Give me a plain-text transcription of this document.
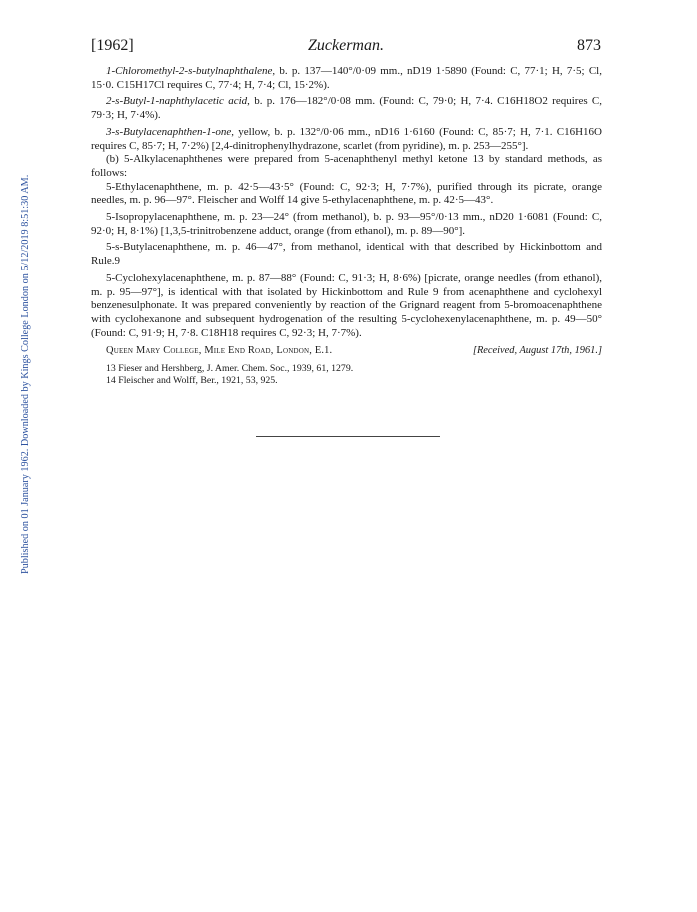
Published on 01 January 1962. Downloaded by Kings College London on 5/12/2019 8:51:30 AM.
[1962]	Zuckerman.	873

1-Chloromethyl-2-s-butylnaphthalene, b. p. 137—140°/0·09 mm., nD19 1·5890 (Found: C, 77·1; H, 7·5; Cl, 15·0. C15H17Cl requires C, 77·4; H, 7·4; Cl, 15·2%).

2-s-Butyl-1-naphthylacetic acid, b. p. 176—182°/0·08 mm. (Found: C, 79·0; H, 7·4. C16H18O2 requires C, 79·3; H, 7·4%).

3-s-Butylacenaphthen-1-one, yellow, b. p. 132°/0·06 mm., nD16 1·6160 (Found: C, 85·7; H, 7·1. C16H16O requires C, 85·7; H, 7·2%) [2,4-dinitrophenylhydrazone, scarlet (from pyridine), m. p. 253—255°].

(b) 5-Alkylacenaphthenes were prepared from 5-acenaphthenyl methyl ketone 13 by standard methods, as follows:

5-Ethylacenaphthene, m. p. 42·5—43·5° (Found: C, 92·3; H, 7·7%), purified through its picrate, orange needles, m. p. 96—97°. Fleischer and Wolff 14 give 5-ethylacenaphthene, m. p. 42·5—43°.

5-Isopropylacenaphthene, m. p. 23—24° (from methanol), b. p. 93—95°/0·13 mm., nD20 1·6081 (Found: C, 92·0; H, 8·1%) [1,3,5-trinitrobenzene adduct, orange (from ethanol), m. p. 89—90°].

5-s-Butylacenaphthene, m. p. 46—47°, from methanol, identical with that described by Hickinbottom and Rule.9

5-Cyclohexylacenaphthene, m. p. 87—88° (Found: C, 91·3; H, 8·6%) [picrate, orange needles (from ethanol), m. p. 95—97°], is identical with that isolated by Hickinbottom and Rule 9 from acenaphthene and cyclohexyl benzenesulphonate. It was prepared conveniently by reaction of the Grignard reagent from 5-bromoacenaphthene with cyclohexanone and subsequent hydrogenation of the resulting 5-cyclohexenylacenaphthene, m. p. 49—50° (Found: C, 91·9; H, 7·8. C18H18 requires C, 92·3; H, 7·7%).

Queen Mary College, Mile End Road, London, E.1.	[Received, August 17th, 1961.]
13 Fieser and Hershberg, J. Amer. Chem. Soc., 1939, 61, 1279.
14 Fleischer and Wolff, Ber., 1921, 53, 925.
